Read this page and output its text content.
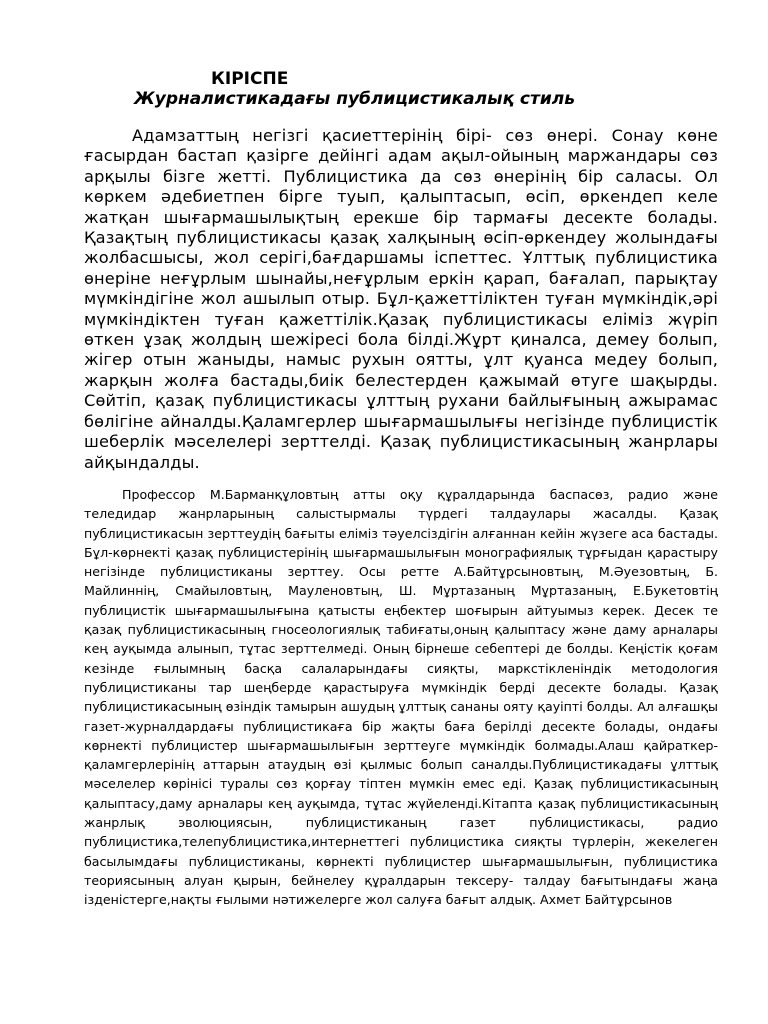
КІРІСПЕ
Журналистикадағы публицистикалық стиль

Адамзаттың негізгі қасиеттерінің бірі- сөз өнері. Сонау көне ғасырдан бастап қазірге дейінгі адам ақыл-ойының маржандары сөз арқылы бізге жетті. Публицистика да сөз өнерінің бір саласы. Ол көркем әдебиетпен бірге туып, қалыптасып, өсіп, өркендеп келе жатқан шығармашылықтың ерекше бір тармағы десекте болады. Қазақтың публицистикасы қазақ халқының өсіп-өркендеу жолындағы жолбасшысы, жол серігі,бағдаршамы іспеттес. Ұлттық публицистика өнеріне неғұрлым шынайы,неғұрлым еркін қарап, бағалап, парықтау мүмкіндігіне жол ашылып отыр. Бұл-қажеттіліктен туған мүмкіндік,әрі мүмкіндіктен туған қажеттілік.Қазақ публицистикасы еліміз жүріп өткен ұзақ жолдың шежіресі бола білді.Жұрт қиналса, демеу болып, жігер отын жаныды, намыс рухын оятты, ұлт қуанса медеу болып, жарқын жолға бастады,биік белестерден қажымай өтуге шақырды. Сөйтіп, қазақ публицистикасы ұлттың рухани байлығының ажырамас бөлігіне айналды.Қаламгерлер шығармашылығы негізінде публицистік шеберлік мәселелері зерттелді. Қазақ публицистикасының жанрлары айқындалды.

Профессор М.Барманқұловтың атты оқу құралдарында баспасөз, радио және теледидар жанрларының салыстырмалы түрдегі талдаулары жасалды. Қазақ публицистикасын зерттеудің бағыты еліміз тәуелсіздігін алғаннан кейін жүзеге аса бастады. Бұл-көрнекті қазақ публицистерінің шығармашылығын монографиялық тұрғыдан қарастыру негізінде публицистиканы зерттеу. Осы ретте А.Байтұрсыновтың, М.Әуезовтың, Б. Майлиннің, Смайыловтың, Мауленовтың, Ш. Мұртазаның Мұртазаның, Е.Букетовтің публицистік шығармашылығына қатысты еңбектер шоғырын айтуымыз керек. Десек те қазақ публицистикасының гносеологиялық табиғаты,оның қалыптасу және даму арналары кең ауқымда алынып, тұтас зерттелмеді. Оның бірнеше себептері де болды. Кеңістік қоғам кезінде ғылымның басқа салаларындағы сияқты, маркстікленіндік методология публицистиканы тар шеңберде қарастыруға мүмкіндік берді десекте болады. Қазақ публицистикасының өзіндік тамырын ашудың ұлттық сананы ояту қауіпті болды. Ал алғашқы газет-журналдардағы публицистикаға бір жақты баға берілді десекте болады, ондағы көрнекті публицистер шығармашылығын зерттеуге мүмкіндік болмады.Алаш қайраткер-қаламгерлерінің аттарын атаудың өзі қылмыс болып саналды.Публицистикадағы ұлттық мәселелер көрінісі туралы сөз қорғау тіптен мүмкін емес еді. Қазақ публицистикасының қалыптасу,даму арналары кең ауқымда, тұтас жүйеленді.Кітапта қазақ публицистикасының жанрлық эволюциясын, публицистиканың газет публицистикасы, радио публицистика,телепублицистика,интернеттегі публицистика сияқты түрлерін, жекелеген басылымдағы публицистиканы, көрнекті публицистер шығармашылығын, публицистика теориясының алуан қырын, бейнелеу құралдарын тексеру- талдау бағытындағы жаңа ізденістерге,нақты ғылыми нәтижелерге жол салуға бағыт алдық. Ахмет Байтұрсынов
